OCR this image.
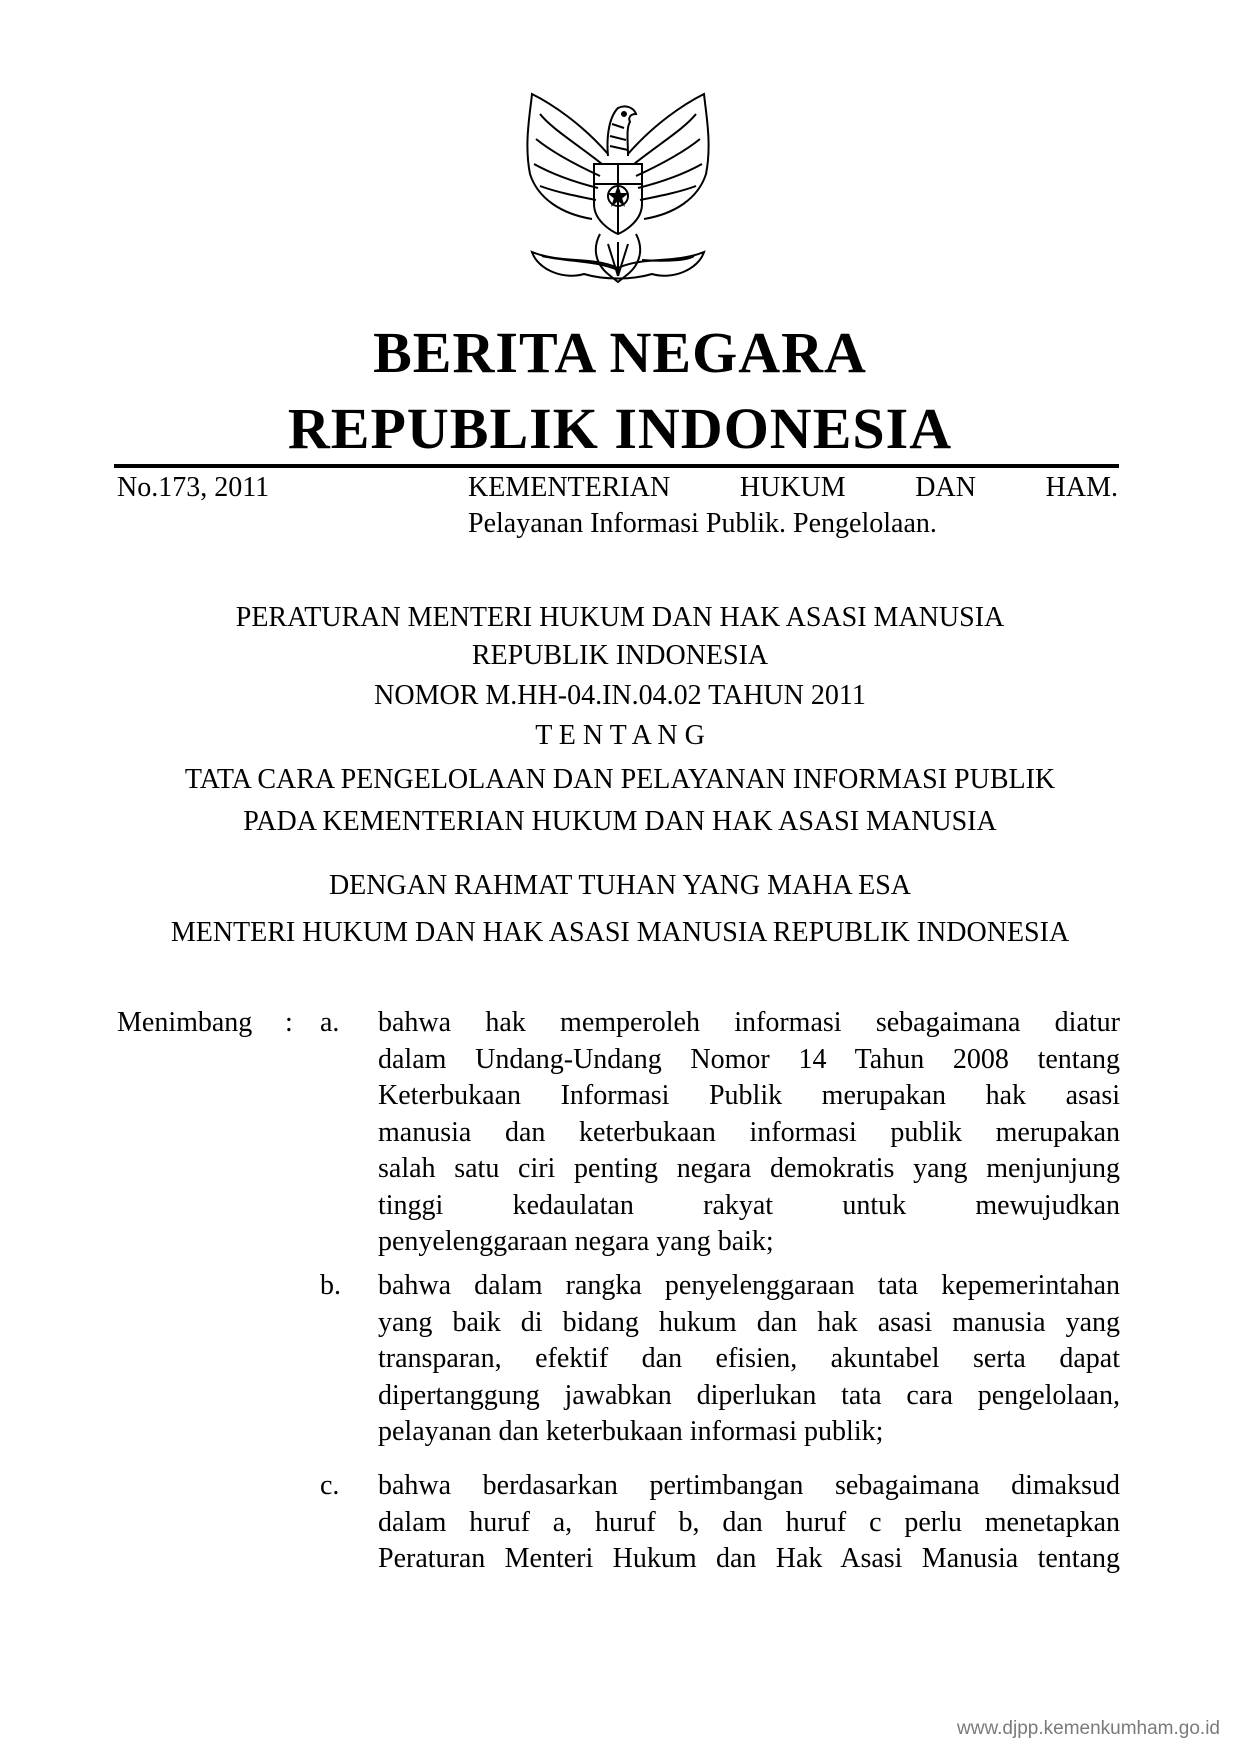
BERITA NEGARA
REPUBLIK INDONESIA
No.173, 2011	KEMENTERIAN HUKUM DAN HAM.
Pelayanan Informasi Publik. Pengelolaan.
PERATURAN MENTERI HUKUM DAN HAK ASASI MANUSIA
REPUBLIK INDONESIA
NOMOR M.HH-04.IN.04.02 TAHUN 2011
T E N T A N G
TATA CARA PENGELOLAAN DAN PELAYANAN INFORMASI PUBLIK
PADA KEMENTERIAN HUKUM DAN HAK ASASI MANUSIA
DENGAN RAHMAT TUHAN YANG MAHA ESA
MENTERI HUKUM DAN HAK ASASI MANUSIA REPUBLIK INDONESIA
Menimbang : a. bahwa hak memperoleh informasi sebagaimana diatur
dalam Undang-Undang Nomor 14 Tahun 2008 tentang
Keterbukaan Informasi Publik merupakan hak asasi
manusia dan keterbukaan informasi publik merupakan
salah satu ciri penting negara demokratis yang menjunjung
tinggi kedaulatan rakyat untuk mewujudkan
penyelenggaraan negara yang baik;
b. bahwa dalam rangka penyelenggaraan tata kepemerintahan
yang baik di bidang hukum dan hak asasi manusia yang
transparan, efektif dan efisien, akuntabel serta dapat
dipertanggung jawabkan diperlukan tata cara pengelolaan,
pelayanan dan keterbukaan informasi publik;
c. bahwa berdasarkan pertimbangan sebagaimana dimaksud
dalam huruf a, huruf b, dan huruf c perlu menetapkan
Peraturan Menteri Hukum dan Hak Asasi Manusia tentang
www.djpp.kemenkumham.go.id
